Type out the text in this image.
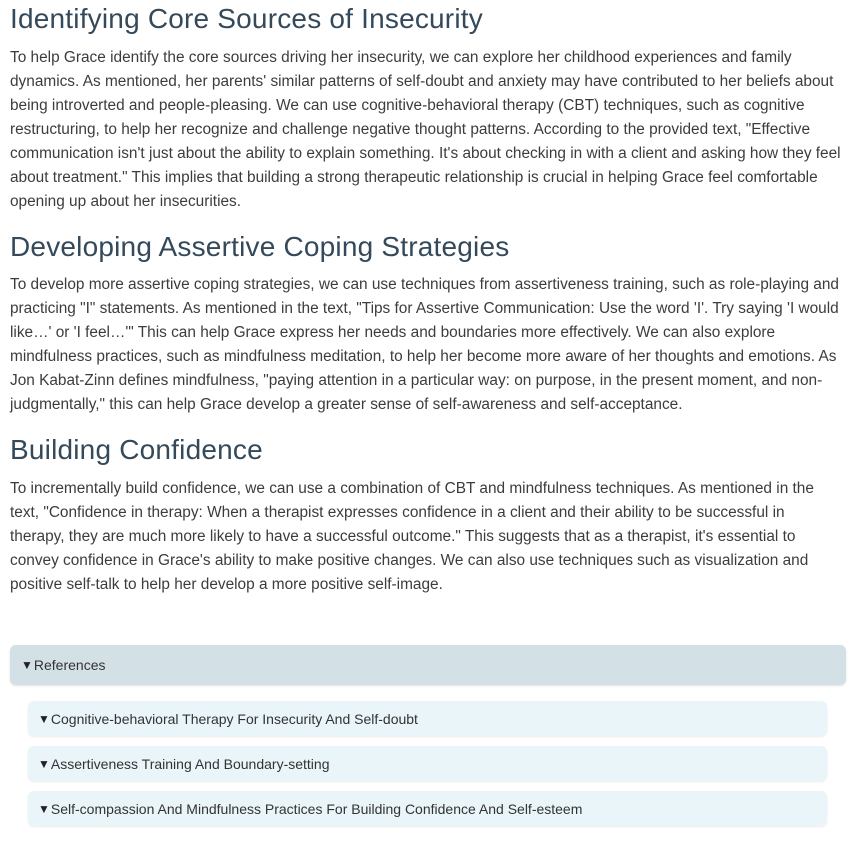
Identifying Core Sources of Insecurity

To help Grace identify the core sources driving her insecurity, we can explore her childhood experiences and family dynamics. As mentioned, her parents' similar patterns of self-doubt and anxiety may have contributed to her beliefs about being introverted and people-pleasing. We can use cognitive-behavioral therapy (CBT) techniques, such as cognitive restructuring, to help her recognize and challenge negative thought patterns. According to the provided text, "Effective communication isn't just about the ability to explain something. It's about checking in with a client and asking how they feel about treatment." This implies that building a strong therapeutic relationship is crucial in helping Grace feel comfortable opening up about her insecurities.

Developing Assertive Coping Strategies

To develop more assertive coping strategies, we can use techniques from assertiveness training, such as role-playing and practicing "I" statements. As mentioned in the text, "Tips for Assertive Communication: Use the word 'I'. Try saying 'I would like…' or 'I feel…'" This can help Grace express her needs and boundaries more effectively. We can also explore mindfulness practices, such as mindfulness meditation, to help her become more aware of her thoughts and emotions. As Jon Kabat-Zinn defines mindfulness, "paying attention in a particular way: on purpose, in the present moment, and non-judgmentally," this can help Grace develop a greater sense of self-awareness and self-acceptance.

Building Confidence

To incrementally build confidence, we can use a combination of CBT and mindfulness techniques. As mentioned in the text, "Confidence in therapy: When a therapist expresses confidence in a client and their ability to be successful in therapy, they are much more likely to have a successful outcome." This suggests that as a therapist, it's essential to convey confidence in Grace's ability to make positive changes. We can also use techniques such as visualization and positive self-talk to help her develop a more positive self-image.

▼ References
▼ Cognitive-behavioral Therapy For Insecurity And Self-doubt
▼ Assertiveness Training And Boundary-setting
▼ Self-compassion And Mindfulness Practices For Building Confidence And Self-esteem
